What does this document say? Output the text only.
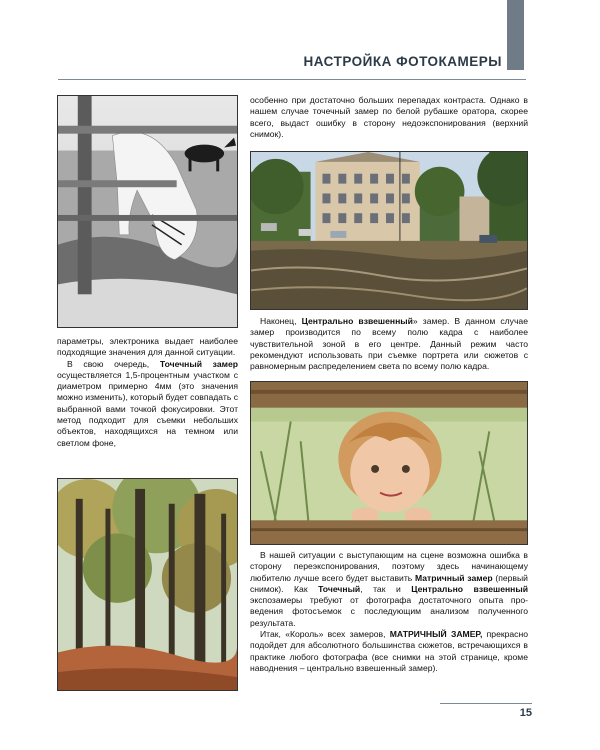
НАСТРОЙКА ФОТОКАМЕРЫ

параметры, электроника выдает наиболее подходящие значения для данной ситуации.

В свою очередь, Точечный замер осуществляется 1,5-процентным участком с диаметром примерно 4мм (это значения можно изменить), который будет совпадать с выбранной вами точкой фокусировки. Этот метод подходит для съемки небольших объектов, находящихся на темном или светлом фоне,

особенно при достаточно больших перепадах контраста. Однако в нашем случае точечный замер по белой рубашке оратора, скорее всего, выдаст ошибку в сторону недоэкспонирования (верхний снимок).

Наконец, Центрально взвешенный» замер. В данном случае замер производится по всему полю кадра с наиболее чувствительной зоной в его центре. Данный режим часто рекомендуют использовать при съемке портрета или сюжетов с равномерным распределением света по всему полю кадра.

В нашей ситуации с выступающим на сцене возможна ошибка в сторону переэкспонирования, поэтому здесь начинающему любителю лучше всего будет выставить Матричный замер (первый снимок). Как Точечный, так и Центрально взвешенный экспозамеры требуют от фотографа достаточного опыта про-ведения фотосъемок с последующим анализом полученного результата.

Итак, «Король» всех замеров, МАТРИЧНЫЙ ЗАМЕР, прекрасно подойдет для абсолютного большинства сюжетов, встречающихся в практике любого фотографа (все снимки на этой странице, кроме наводнения – центрально взвешенный замер).

15
